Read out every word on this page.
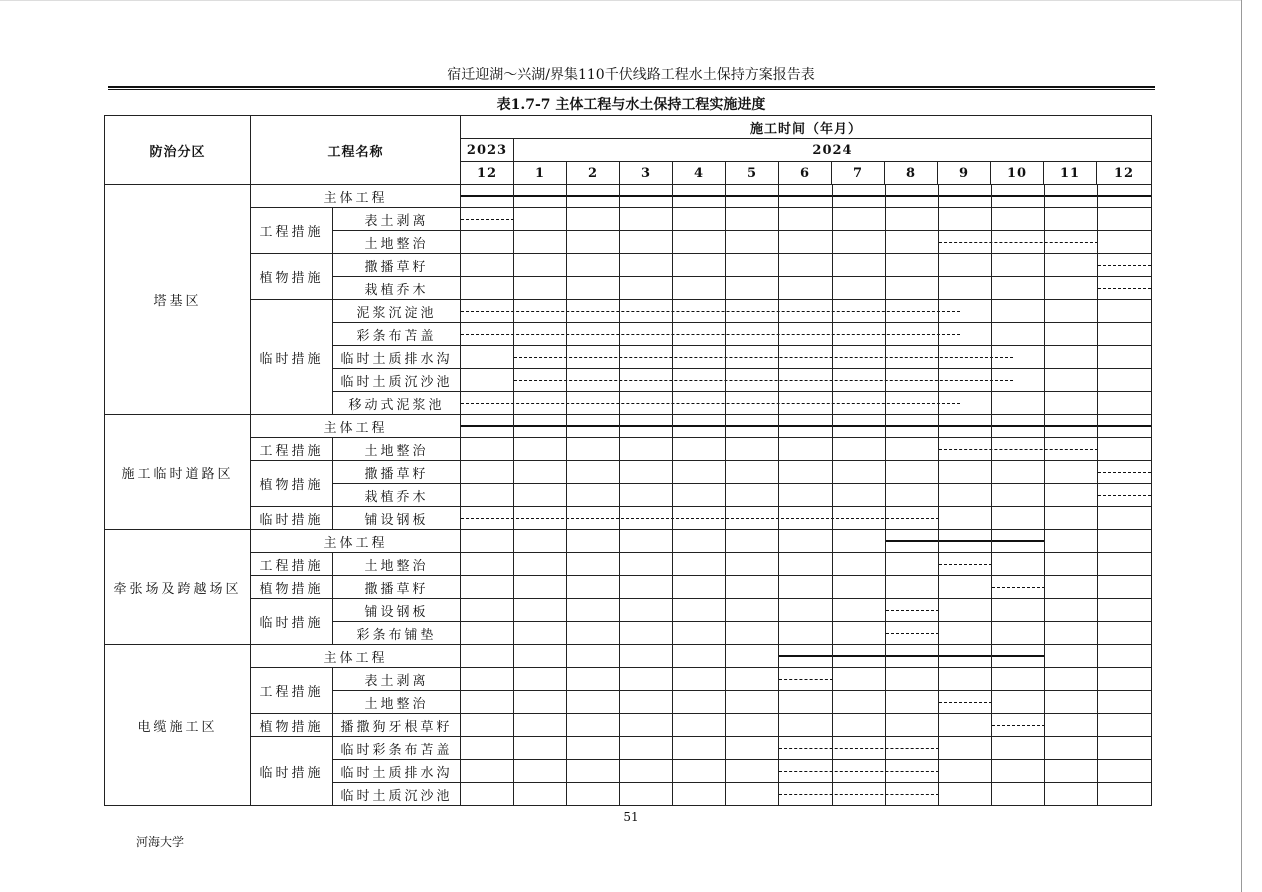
宿迁迎湖～兴湖/界集110千伏线路工程水土保持方案报告表
表1.7-7 主体工程与水土保持工程实施进度
防治分区	工程名称		施工时间（年月）												
			2023	2024											
			12	1	2	3	4	5	6	7	8	9	10	11	12
塔基区	主体工程														

	工程措施	表土剥离													

		土地整治													

	植物措施	撒播草籽													

		栽植乔木													

	临时措施	泥浆沉淀池													

		彩条布苫盖													

		临时土质排水沟													

		临时土质沉沙池													

		移动式泥浆池													

施工临时道路区	主体工程														

	工程措施	土地整治													

	植物措施	撒播草籽													

		栽植乔木													

	临时措施	铺设钢板													

牵张场及跨越场区	主体工程														

	工程措施	土地整治													

	植物措施	撒播草籽													

	临时措施	铺设钢板													

		彩条布铺垫													

电缆施工区	主体工程														

	工程措施	表土剥离													

		土地整治													

	植物措施	播撒狗牙根草籽													

	临时措施	临时彩条布苫盖													

		临时土质排水沟													

		临时土质沉沙池													
51
河海大学
